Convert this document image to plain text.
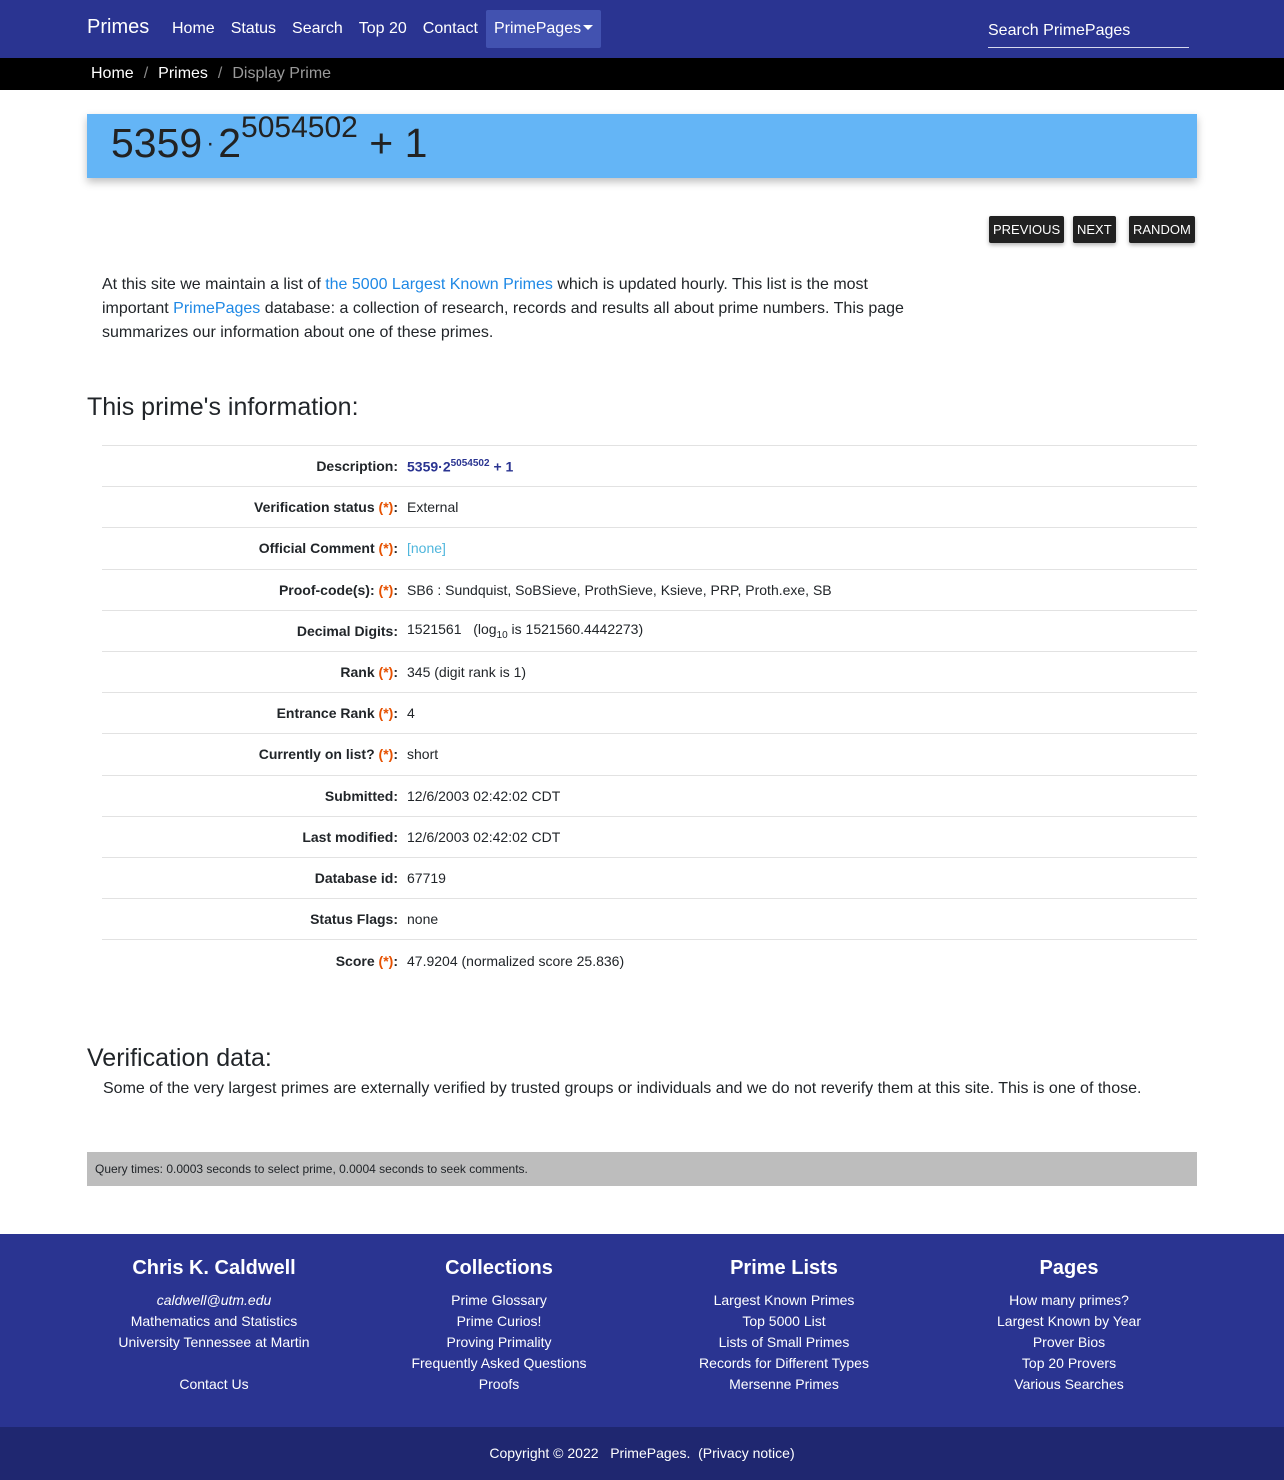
Primes	Home	Status	Search	Top 20	Contact	PrimePages
Search PrimePages
Home / Primes / Display Prime
$5359 \cdot 2^{5054502} + 1$
PREVIOUS	NEXT	RANDOM

At this site we maintain a list of the 5000 Largest Known Primes which is updated hourly. This list is the most important PrimePages database: a collection of research, records and results all about prime numbers. This page summarizes our information about one of these primes.

This prime's information:
Description: $5359\cdot 2^{5054502} + 1$
Verification status (*): External
Official Comment (*): [none]
Proof-code(s): (*): SB6 : Sundquist, SoBSieve, ProthSieve, Ksieve, PRP, Proth.exe, SB
Decimal Digits: 1521561 ($\log_{10}$ is 1521560.4442273)
Rank (*): 345 (digit rank is 1)
Entrance Rank (*): 4
Currently on list? (*): short
Submitted: 12/6/2003 02:42:02 CDT
Last modified: 12/6/2003 02:42:02 CDT
Database id: 67719
Status Flags: none
Score (*): 47.9204 (normalized score 25.836)
Verification data:

Some of the very largest primes are externally verified by trusted groups or individuals and we do not reverify them at this site. This is one of those.

Query times: 0.0003 seconds to select prime, 0.0004 seconds to seek comments.
Chris K. Caldwell
caldwell@utm.edu
Mathematics and Statistics
University Tennessee at Martin
Contact Us
Collections
Prime Glossary
Prime Curios!
Proving Primality
Frequently Asked Questions
Proofs
Prime Lists
Largest Known Primes
Top 5000 List
Lists of Small Primes
Records for Different Types
Mersenne Primes
Pages
How many primes?
Largest Known by Year
Prover Bios
Top 20 Provers
Various Searches
Copyright © 2022 PrimePages.  (Privacy notice)
